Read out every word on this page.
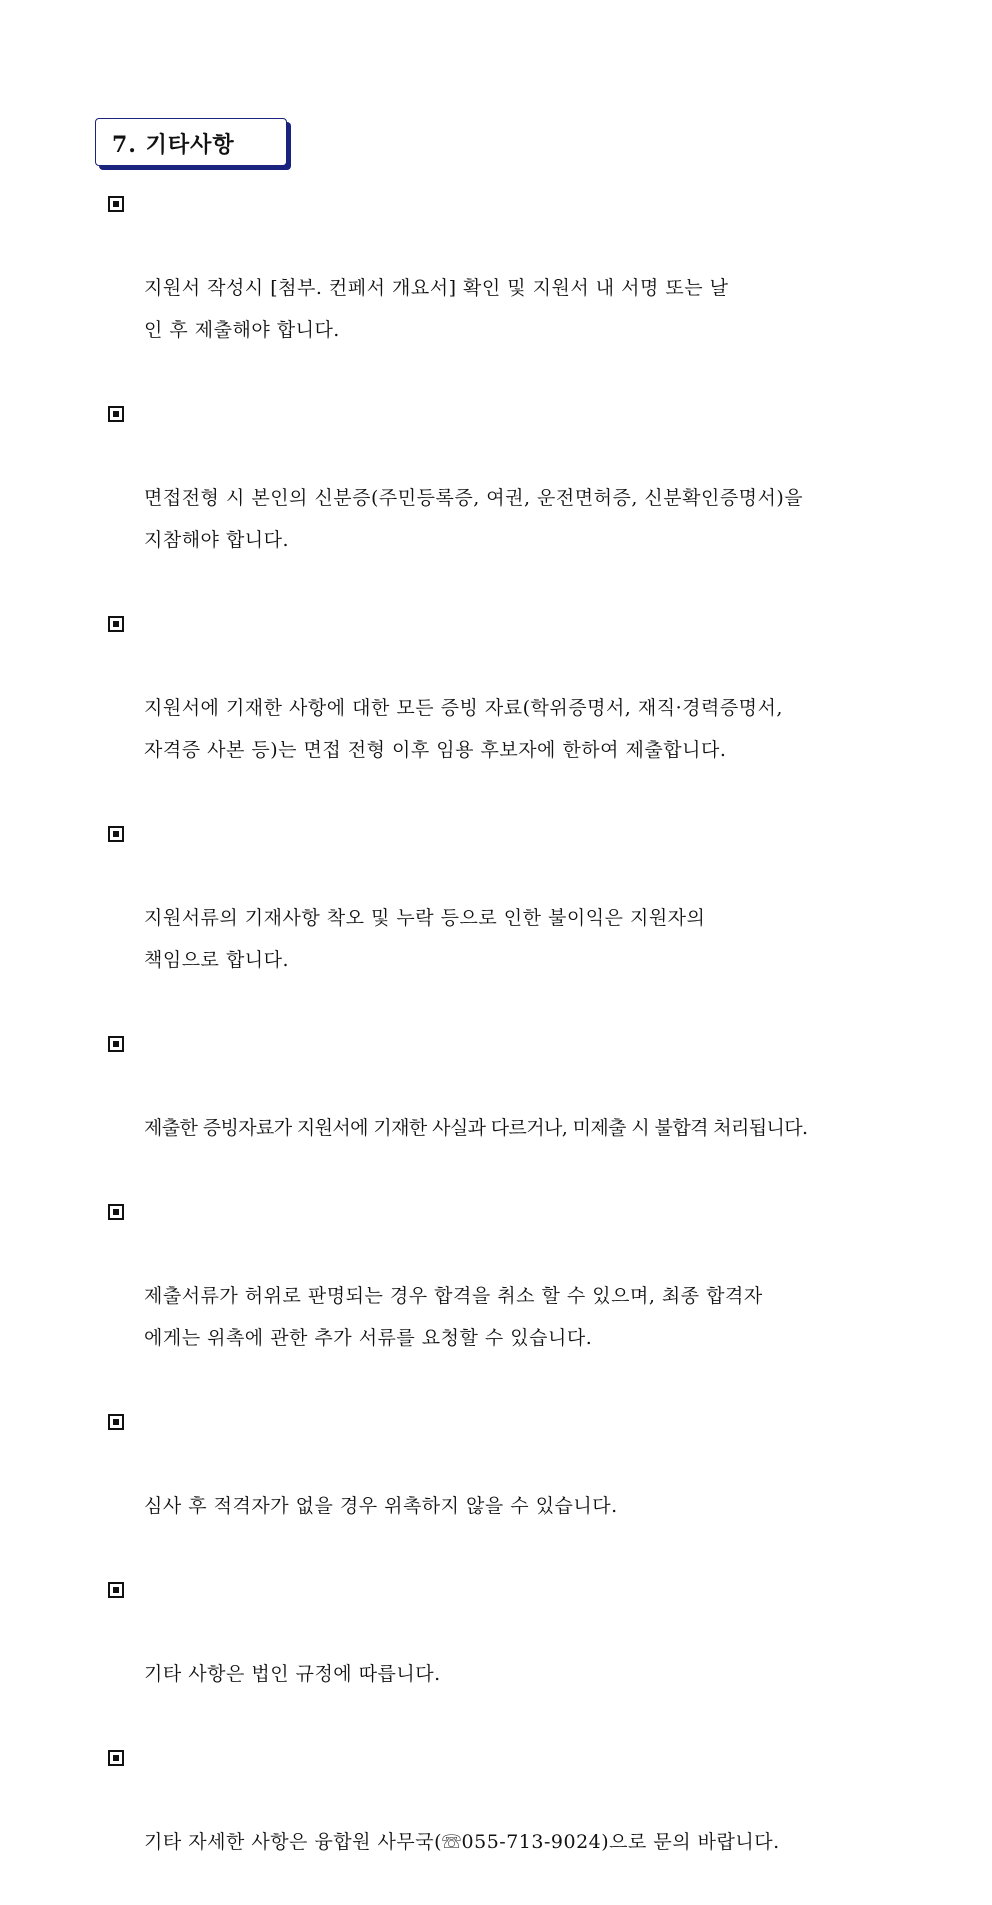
7. 기타사항

지원서 작성시 [첨부. 컨페서 개요서] 확인 및 지원서 내 서명 또는 날
인 후 제출해야 합니다.

면접전형 시 본인의 신분증(주민등록증, 여권, 운전면허증, 신분확인증명서)을
지참해야 합니다.

지원서에 기재한 사항에 대한 모든 증빙 자료(학위증명서, 재직·경력증명서,
자격증 사본 등)는 면접 전형 이후 임용 후보자에 한하여 제출합니다.

지원서류의 기재사항 착오 및 누락 등으로 인한 불이익은 지원자의
책임으로 합니다.

제출한 증빙자료가 지원서에 기재한 사실과 다르거나, 미제출 시 불합격 처리됩니다.

제출서류가 허위로 판명되는 경우 합격을 취소 할 수 있으며, 최종 합격자
에게는 위촉에 관한 추가 서류를 요청할 수 있습니다.

심사 후 적격자가 없을 경우 위촉하지 않을 수 있습니다.

기타 사항은 법인 규정에 따릅니다.

기타 자세한 사항은 융합원 사무국(☏055-713-9024)으로 문의 바랍니다.
